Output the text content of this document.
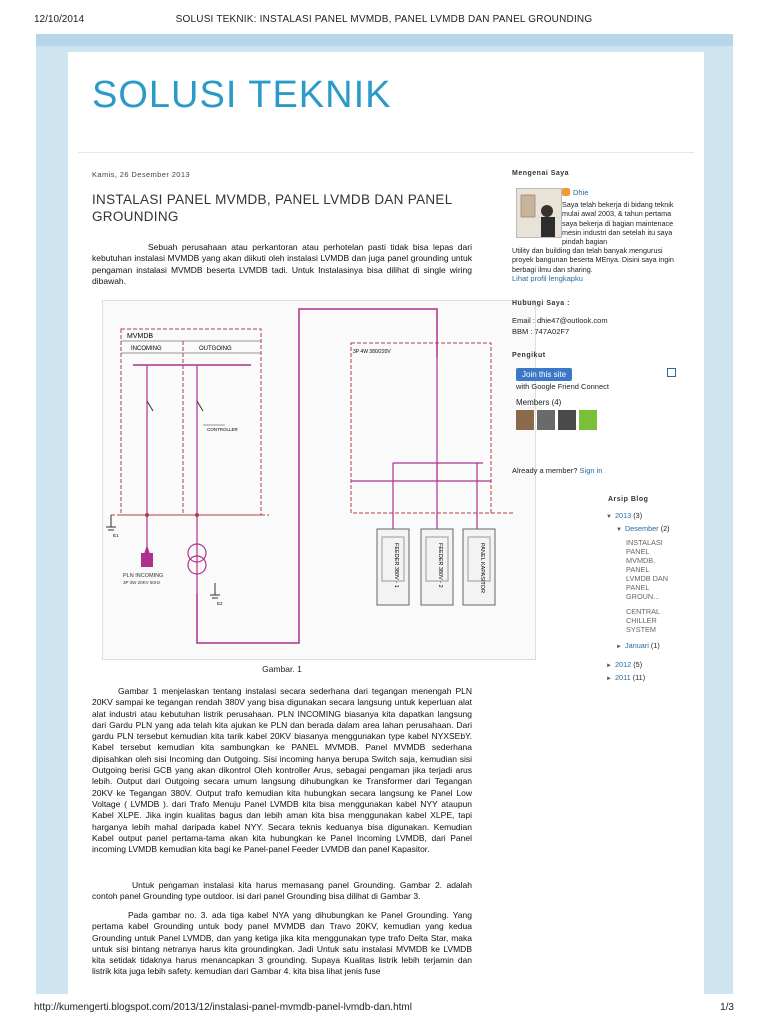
12/10/2014	SOLUSI TEKNIK: INSTALASI PANEL MVMDB, PANEL LVMDB DAN PANEL GROUNDING
SOLUSI TEKNIK
Kamis, 26 Desember 2013
INSTALASI PANEL MVMDB, PANEL LVMDB DAN PANEL GROUNDING

Sebuah perusahaan atau perkantoran atau perhotelan pasti tidak bisa lepas dari kebutuhan instalasi MVMDB yang akan diikuti oleh instalasi LVMDB dan juga panel grounding untuk pengaman instalasi MVMDB beserta LVMDB tadi. Untuk Instalasinya bisa dilihat di single wiring dibawah.

MVMDB
INCOMING	OUTGOING
CONTROLLER
PLN INCOMING
3P 3W 20KV 50Hz
E1
E2
3P 4W 380/220V
FEEDER 380V - 1	FEEDER 380V - 2	PANEL KAPASITOR
Gambar. 1

Gambar 1 menjelaskan tentang instalasi secara sederhana dari tegangan menengah PLN 20KV sampai ke tegangan rendah 380V yang bisa digunakan secara langsung untuk keperluan alat alat industri atau kebutuhan listrik perusahaan. PLN INCOMING biasanya kita dapatkan langsung dari Gardu PLN yang ada telah kita ajukan ke PLN dan berada dalam area lahan perusahaan. Dari gardu PLN tersebut kemudian kita tarik kabel 20KV biasanya menggunakan type kabel NYXSEbY. Kabel tersebut kemudian kita sambungkan ke PANEL MVMDB. Panel MVMDB sederhana dipisahkan oleh sisi Incoming dan Outgoing. Sisi incoming hanya berupa Switch saja, kemudian sisi Outgoing berisi GCB yang akan dikontrol Oleh kontroller Arus, sebagai pengaman jika terjadi arus lebih. Output dari Outgoing secara umum langsung dihubungkan ke Transformer dari Tegangan 20KV ke Tegangan 380V. Output trafo kemudian kita hubungkan secara langsung ke Panel Low Voltage ( LVMDB ). dari Trafo Menuju Panel LVMDB kita bisa menggunakan kabel NYY ataupun Kabel XLPE. Jika ingin kualitas bagus dan lebih aman kita bisa menggunakan kabel XLPE, tapi harganya lebih mahal daripada kabel NYY. Secara teknis keduanya bisa digunakan. Kemudian Kabel output panel pertama-tama akan kita hubungkan ke Panel Incoming LVMDB, dari Panel incoming LVMDB kemudian kita bagi ke Panel-panel Feeder LVMDB dan panel Kapasitor.

Untuk pengaman instalasi kita harus memasang panel Grounding. Gambar 2. adalah contoh panel Grounding type outdoor. isi dari panel Grounding bisa dilihat di Gambar 3.

Pada gambar no. 3. ada tiga kabel NYA yang dihubungkan ke Panel Grounding. Yang pertama kabel Grounding untuk body panel MVMDB dan Travo 20KV, kemudian yang kedua Grounding untuk Panel LVMDB, dan yang ketiga jika kita menggunakan type trafo Delta Star, maka untuk sisi bintang netranya harus kita groundingkan. Jadi Untuk satu instalasi MVMDB ke LVMDB kita setidak tidaknya harus menancapkan 3 grounding. Supaya Kualitas listrik lebih terjamin dan listrik kita juga lebih safety. kemudian dari Gambar 4. kita bisa lihat jenis fuse

Mengenai Saya
Dhie
Saya telah bekerja di bidang teknik mulai awal 2003, & tahun pertama saya bekerja di bagian maintenace mesin industri dan setelah itu saya pindah bagian
Utility dan building dan telah banyak mengurusi proyek bangunan beserta MEnya. Disini saya ingin berbagi ilmu dan sharing.
Lihat profil lengkapku
Hubungi Saya :
Email : dhie47@outlook.com
BBM : 747A02F7
Pengikut
Join this site
with Google Friend Connect
Members (4)
Already a member? Sign in
Arsip Blog
▼ 2013 (3)
▼ Desember (2)
INSTALASI PANEL MVMDB, PANEL LVMDB DAN PANEL GROUN...
CENTRAL CHILLER SYSTEM
► Januari (1)
► 2012 (5)
► 2011 (11)
http://kumengerti.blogspot.com/2013/12/instalasi-panel-mvmdb-panel-lvmdb-dan.html	1/3
